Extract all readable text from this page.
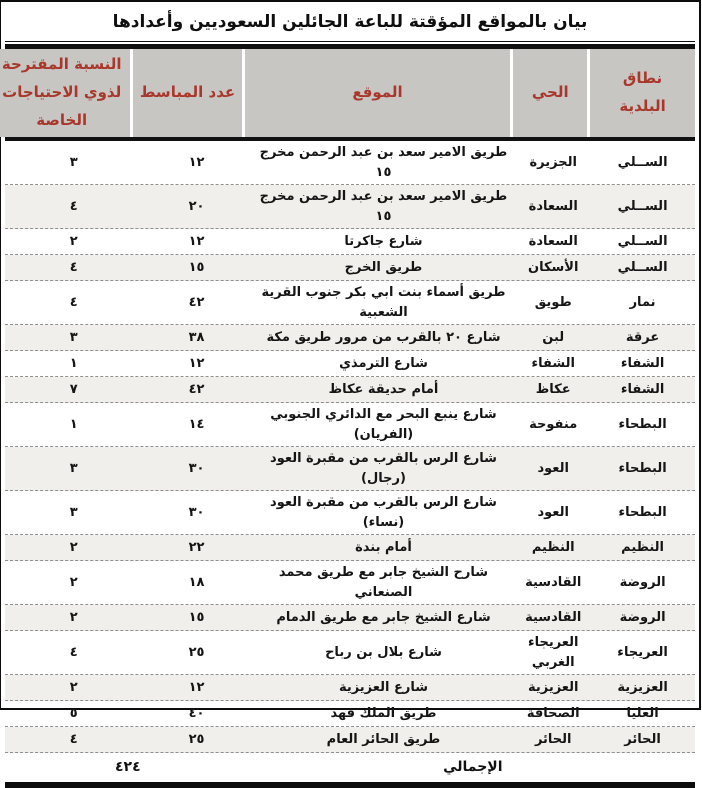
بيان بالمواقع المؤقتة للباعة الجائلين السعوديين وأعدادها
نطاق البلدية
الحي
الموقع
عدد المباسط
النسبة المقترحة لذوي الاحتياجات الخاصة
الســلي
الجزيرة
طريق الامير سعد بن عبد الرحمن مخرج ١٥
١٢
٣
الســلي
السعادة
طريق الامير سعد بن عبد الرحمن مخرج ١٥
٢٠
٤
الســلي
السعادة
شارع جاكرتا
١٢
٢
الســلي
الأسكان
طريق الخرج
١٥
٤
نمار
طويق
طريق أسماء بنت ابي بكر جنوب القرية الشعبية
٤٢
٤
عرقة
لبن
شارع ٢٠ بالقرب من مرور طريق مكة
٣٨
٣
الشفاء
الشفاء
شارع الترمذي
١٢
١
الشفاء
عكاظ
أمام حديقة عكاظ
٤٢
٧
البطحاء
منفوحة
شارع ينبع البحر مع الدائري الجنوبي (الفريان)
١٤
١
البطحاء
العود
شارع الرس بالقرب من مقبرة العود (رجال)
٣٠
٣
البطحاء
العود
شارع الرس بالقرب من مقبرة العود (نساء)
٣٠
٣
النظيم
النظيم
أمام بندة
٢٢
٢
الروضة
القادسية
شارح الشيخ جابر مع طريق محمد الصنعاني
١٨
٢
الروضة
القادسية
شارع الشيخ جابر مع طريق الدمام
١٥
٢
العريجاء
العريجاء الغربي
شارع بلال بن رباح
٢٥
٤
العزيزية
العزيزية
شارع العزيزية
١٢
٢
العليا
الصحافة
طريق الملك فهد
٤٠
٥
الحائر
الحائر
طريق الحائر العام
٢٥
٤
الإجمالي
٤٢٤
